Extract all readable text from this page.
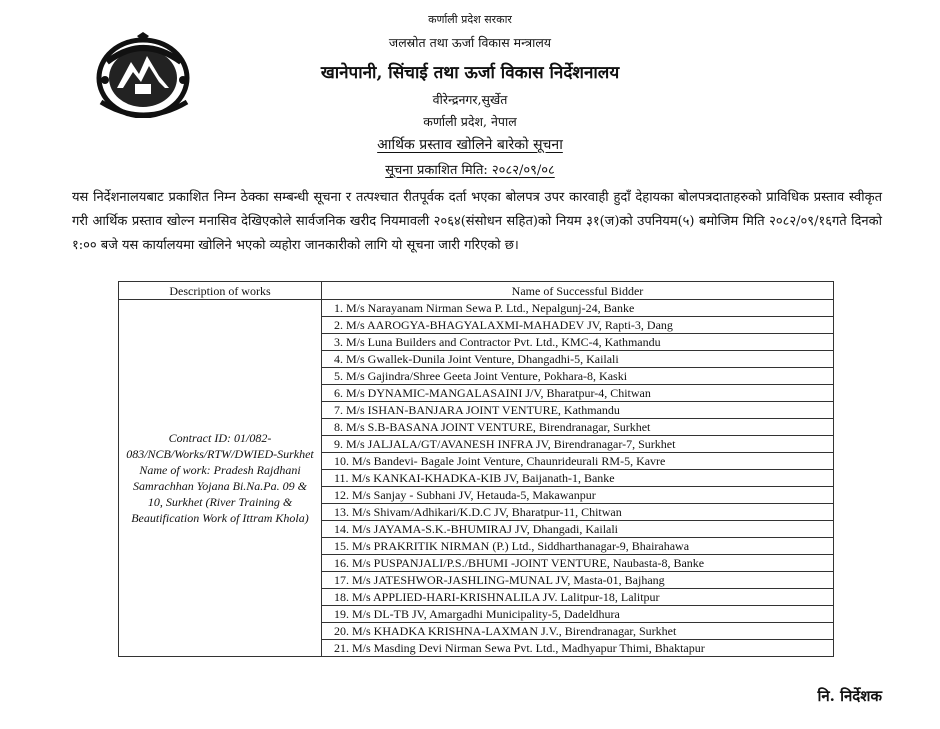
कर्णाली प्रदेश सरकार
जलस्रोत तथा ऊर्जा विकास मन्त्रालय
खानेपानी, सिंचाई तथा ऊर्जा विकास निर्देशनालय
वीरेन्द्रनगर,सुर्खेत
कर्णाली प्रदेश, नेपाल
आर्थिक प्रस्ताव खोलिने बारेको सूचना
सूचना प्रकाशित मिति: २०८२/०९/०८

यस निर्देशनालयबाट प्रकाशित निम्न ठेक्का सम्बन्धी सूचना र तत्पश्चात रीतपूर्वक दर्ता भएका बोलपत्र उपर कारवाही हुदाँ देहायका बोलपत्रदाताहरुको प्राविधिक प्रस्ताव स्वीकृत गरी आर्थिक प्रस्ताव खोल्न मनासिव देखिएकोले सार्वजनिक खरीद नियमावली २०६४(संसोधन सहित)को नियम ३१(ज)को उपनियम(५) बमोजिम मिति २०८२/०९/१६गते दिनको १:०० बजे यस कार्यालयमा खोलिने भएको व्यहोरा जानकारीको लागि यो सूचना जारी गरिएको छ।

Description of works	Name of Successful Bidder
Contract ID: 01/082-083/NCB/Works/RTW/DWIED-Surkhet Name of work: Pradesh Rajdhani Samrachhan Yojana Bi.Na.Pa. 09 & 10, Surkhet (River Training & Beautification Work of Ittram Khola)	1. M/s Narayanam Nirman Sewa P. Ltd., Nepalgunj-24, Banke
	2. M/s AAROGYA-BHAGYALAXMI-MAHADEV JV, Rapti-3, Dang
	3. M/s Luna Builders and Contractor Pvt. Ltd., KMC-4, Kathmandu
	4. M/s Gwallek-Dunila Joint Venture, Dhangadhi-5, Kailali
	5. M/s Gajindra/Shree Geeta Joint Venture, Pokhara-8, Kaski
	6. M/s DYNAMIC-MANGALASAINI J/V, Bharatpur-4, Chitwan
	7. M/s ISHAN-BANJARA JOINT VENTURE, Kathmandu
	8. M/s S.B-BASANA JOINT VENTURE, Birendranagar, Surkhet
	9. M/s JALJALA/GT/AVANESH INFRA JV, Birendranagar-7, Surkhet
	10. M/s Bandevi- Bagale Joint Venture, Chaunrideurali RM-5, Kavre
	11. M/s KANKAI-KHADKA-KIB JV, Baijanath-1, Banke
	12. M/s Sanjay - Subhani JV, Hetauda-5, Makawanpur
	13. M/s Shivam/Adhikari/K.D.C JV, Bharatpur-11, Chitwan
	14. M/s JAYAMA-S.K.-BHUMIRAJ JV, Dhangadi, Kailali
	15. M/s PRAKRITIK NIRMAN (P.) Ltd., Siddharthanagar-9, Bhairahawa
	16. M/s PUSPANJALI/P.S./BHUMI -JOINT VENTURE, Naubasta-8, Banke
	17. M/s JATESHWOR-JASHLING-MUNAL JV, Masta-01, Bajhang
	18. M/s APPLIED-HARI-KRISHNALILA JV. Lalitpur-18, Lalitpur
	19. M/s DL-TB JV, Amargadhi Municipality-5, Dadeldhura
	20. M/s KHADKA KRISHNA-LAXMAN J.V., Birendranagar, Surkhet
	21. M/s Masding Devi Nirman Sewa Pvt. Ltd., Madhyapur Thimi, Bhaktapur
नि. निर्देशक
